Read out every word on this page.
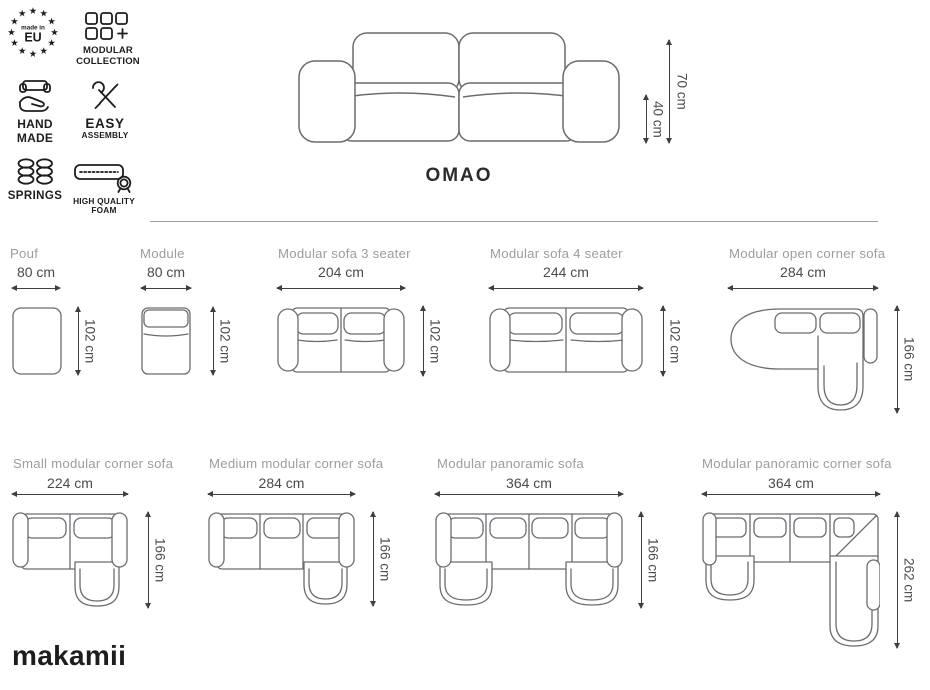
★ ★
★
★
★
★
★
★
★
★
★
★
made in
EU
MODULAR
COLLECTION
HAND
MADE
EASY
ASSEMBLY
SPRINGS HIGH QUALITY
FOAM
40 cm
70 cm
OMAO
Pouf
80 cm
102 cm
Module
80 cm
102 cm
Modular sofa 3 seater
204 cm
102 cm
Modular sofa 4 seater
244 cm
102 cm
Modular open corner sofa
284 cm
166 cm
Small modular corner sofa
224 cm
166 cm
Medium modular corner sofa
284 cm
166 cm
Modular panoramic sofa
364 cm
166 cm
Modular panoramic corner sofa
364 cm
262 cm
makamii
